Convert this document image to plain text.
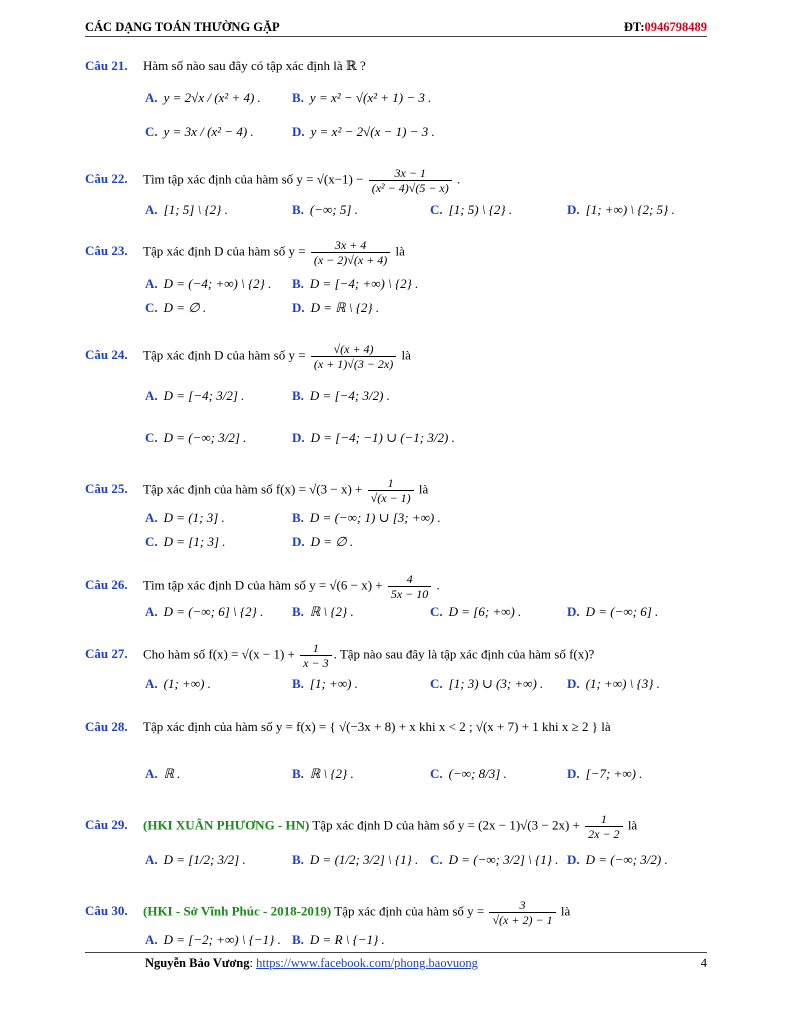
CÁC DẠNG TOÁN THƯỜNG GẶP	ĐT:0946798489
Câu 21. Hàm số nào sau đây có tập xác định là ℝ ?
A. y = 2√x / (x² + 4) . B. y = x² − √(x² + 1) − 3 .
C. y = 3x / (x² − 4) .	D. y = x² − 2√(x − 1) − 3 .
Câu 22. Tìm tập xác định của hàm số $y = √(x-1) - \frac{3x - 1}{\text{(x² − 4)√(5 − x)}}$ .
A. [1; 5] \ {2} .	B. (−∞; 5] .	C. [1; 5) \ {2} .	D. [1; +∞) \ {2; 5} .
Câu 23. Tập xác định D của hàm số $y = \frac{3x + 4}{(x - 2)√(x + 4)}$ là
A. D = (−4; +∞) \ {2} . B. D = [−4; +∞) \ {2} .
C. D = ∅ .	D. D = ℝ \ {2} .
Câu 24. Tập xác định D của hàm số $y = \frac{√(x + 4)}{(x + 1)√(3 - 2x)}$ là
A. D = [−4; 3/2] .	B. D = [−4; 3/2) .
C. D = (−∞; 3/2] .	D. D = [−4; −1) ∪ (−1; 3/2) .
Câu 25. Tập xác định của hàm số $f(x) = √(3 - x) + \frac{1}{√(x - 1)}$ là
A. D = (1; 3] .	B. D = (−∞; 1) ∪ [3; +∞) .
C. D = [1; 3] .	D. D = ∅ .
Câu 26. Tìm tập xác định D của hàm số $y = √(6 - x) + \frac{4}{5x - 10}$ .
A. D = (−∞; 6] \ {2} . B. ℝ \ {2} .	C. D = [6; +∞) .	D. D = (−∞; 6] .
Câu 27. Cho hàm số $f(x) = √(x - 1) + \frac{1}{x - 3}$ . Tập nào sau đây là tập xác định của hàm số f(x)?
A. (1; +∞) .	B. [1; +∞) .	C. [1; 3) ∪ (3; +∞) . D. (1; +∞) \ {3} .
Câu 28. Tập xác định của hàm số y = f(x) = { √(−3x + 8) + x khi x < 2 ; √(x + 7) + 1 khi x ≥ 2 } là
A. ℝ .	B. ℝ \ {2} .	C. (−∞; 8/3] .	D. [−7; +∞) .
Câu 29. (HKI XUÂN PHƯƠNG - HN) Tập xác định D của hàm số $y = (2x - 1)√(3 - 2x) + \frac{1}{2x - 2}$ là
A. D = [1/2; 3/2] .	B. D = (1/2; 3/2] \ {1} . C. D = (−∞; 3/2] \ {1} . D. D = (−∞; 3/2) .
Câu 30. (HKI - Sở Vĩnh Phúc - 2018-2019) Tập xác định của hàm số $y = \frac{3}{√(x + 2) - 1}$ là
A. D = [−2; +∞) \ {−1} . B. D = R \ {−1} .
Nguyễn Bảo Vương: https://www.facebook.com/phong.baovuong	4
